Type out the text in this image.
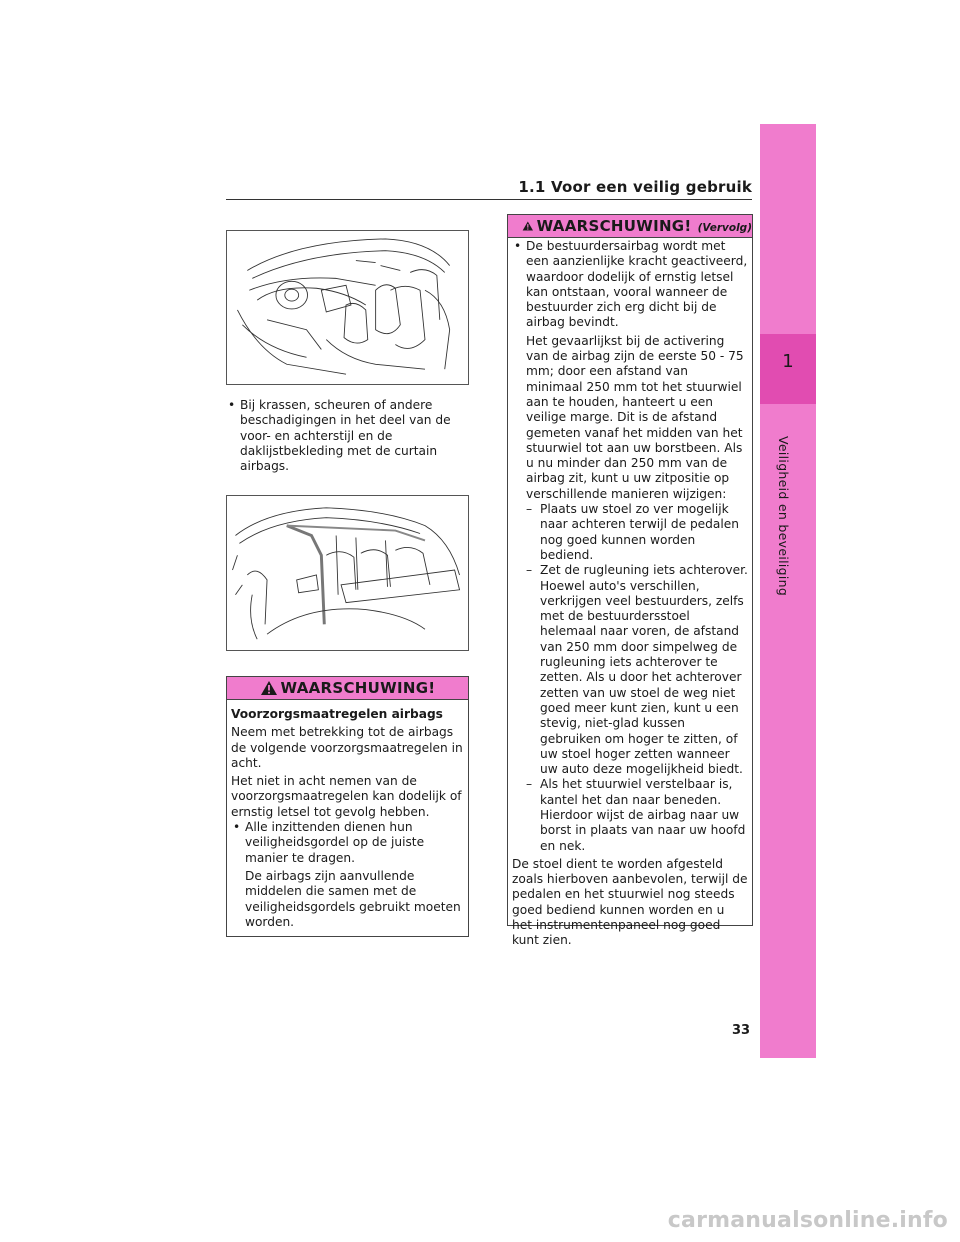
1.1 Voor een veilig gebruik
1
Veiligheid en beveiliging
• Bij krassen, scheuren of andere beschadigingen in het deel van de voor- en achterstijl en de daklijstbekleding met de curtain airbags.
WAARSCHUWING!
Voorzorgsmaatregelen airbags
Neem met betrekking tot de airbags de volgende voorzorgsmaatregelen in acht.
Het niet in acht nemen van de voorzorgsmaatregelen kan dodelijk of ernstig letsel tot gevolg hebben.
• Alle inzittenden dienen hun veiligheidsgordel op de juiste manier te dragen.
De airbags zijn aanvullende middelen die samen met de veiligheidsgordels gebruikt moeten worden.
WAARSCHUWING! (Vervolg)
• De bestuurdersairbag wordt met een aanzienlijke kracht geactiveerd, waardoor dodelijk of ernstig letsel kan ontstaan, vooral wanneer de bestuurder zich erg dicht bij de airbag bevindt.
Het gevaarlijkst bij de activering van de airbag zijn de eerste 50 - 75 mm; door een afstand van minimaal 250 mm tot het stuurwiel aan te houden, hanteert u een veilige marge. Dit is de afstand gemeten vanaf het midden van het stuurwiel tot aan uw borstbeen. Als u nu minder dan 250 mm van de airbag zit, kunt u uw zitpositie op verschillende manieren wijzigen:
– Plaats uw stoel zo ver mogelijk naar achteren terwijl de pedalen nog goed kunnen worden bediend.
– Zet de rugleuning iets achterover. Hoewel auto's verschillen, verkrijgen veel bestuurders, zelfs met de bestuurdersstoel helemaal naar voren, de afstand van 250 mm door simpelweg de rugleuning iets achterover te zetten. Als u door het achterover zetten van uw stoel de weg niet goed meer kunt zien, kunt u een stevig, niet-glad kussen gebruiken om hoger te zitten, of uw stoel hoger zetten wanneer uw auto deze mogelijkheid biedt.
– Als het stuurwiel verstelbaar is, kantel het dan naar beneden. Hierdoor wijst de airbag naar uw borst in plaats van naar uw hoofd en nek.
De stoel dient te worden afgesteld zoals hierboven aanbevolen, terwijl de pedalen en het stuurwiel nog steeds goed bediend kunnen worden en u het instrumentenpaneel nog goed kunt zien.
33
carmanualsonline.info
